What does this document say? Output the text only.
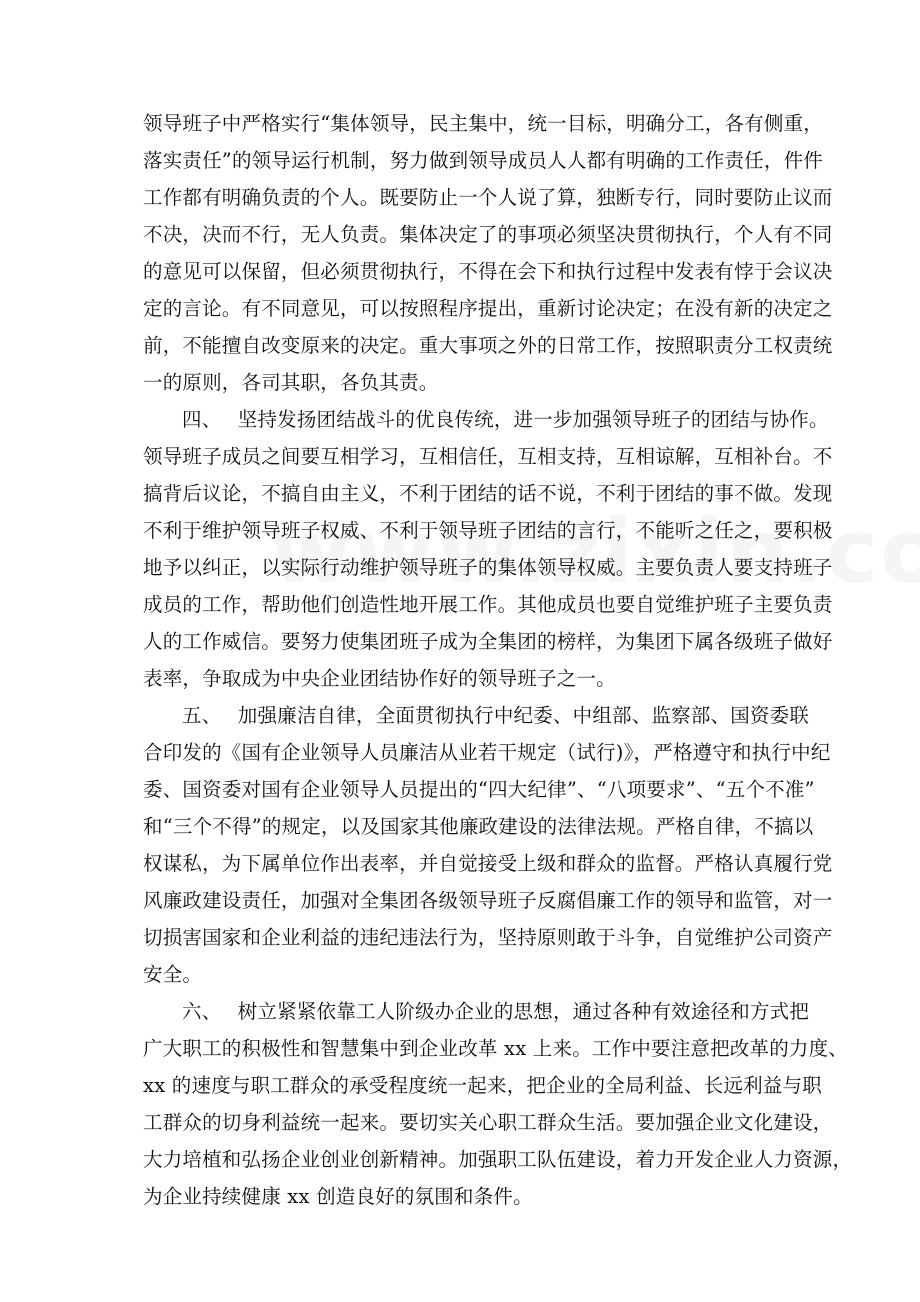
领导班子中严格实行“集体领导，民主集中，统一目标，明确分工，各有侧重，
落实责任”的领导运行机制，努力做到领导成员人人都有明确的工作责任，件件
工作都有明确负责的个人。既要防止一个人说了算，独断专行，同时要防止议而
不决，决而不行，无人负责。集体决定了的事项必须坚决贯彻执行，个人有不同
的意见可以保留，但必须贯彻执行，不得在会下和执行过程中发表有悖于会议决
定的言论。有不同意见，可以按照程序提出，重新讨论决定；在没有新的决定之
前，不能擅自改变原来的决定。重大事项之外的日常工作，按照职责分工权责统
一的原则，各司其职，各负其责。
四、　 坚持发扬团结战斗的优良传统，进一步加强领导班子的团结与协作。
领导班子成员之间要互相学习，互相信任，互相支持，互相谅解，互相补台。不
搞背后议论，不搞自由主义，不利于团结的话不说，不利于团结的事不做。发现
不利于维护领导班子权威、不利于领导班子团结的言行，不能听之任之，要积极
地予以纠正，以实际行动维护领导班子的集体领导权威。主要负责人要支持班子
成员的工作，帮助他们创造性地开展工作。其他成员也要自觉维护班子主要负责
人的工作威信。要努力使集团班子成为全集团的榜样，为集团下属各级班子做好
表率，争取成为中央企业团结协作好的领导班子之一。
五、　 加强廉洁自律，全面贯彻执行中纪委、中组部、监察部、国资委联
合印发的《国有企业领导人员廉洁从业若干规定（试行)》，严格遵守和执行中纪
委、国资委对国有企业领导人员提出的“四大纪律”、“八项要求”、“五个不准”
和“三个不得”的规定，以及国家其他廉政建设的法律法规。严格自律，不搞以
权谋私，为下属单位作出表率，并自觉接受上级和群众的监督。严格认真履行党
风廉政建设责任，加强对全集团各级领导班子反腐倡廉工作的领导和监管，对一
切损害国家和企业利益的违纪违法行为，坚持原则敢于斗争，自觉维护公司资产
安全。
六、　 树立紧紧依靠工人阶级办企业的思想，通过各种有效途径和方式把
广大职工的积极性和智慧集中到企业改革 xx 上来。工作中要注意把改革的力度、
xx 的速度与职工群众的承受程度统一起来，把企业的全局利益、长远利益与职
工群众的切身利益统一起来。要切实关心职工群众生活。要加强企业文化建设，
大力培植和弘扬企业创业创新精神。加强职工队伍建设，着力开发企业人力资源，
为企业持续健康 xx 创造良好的氛围和条件。
